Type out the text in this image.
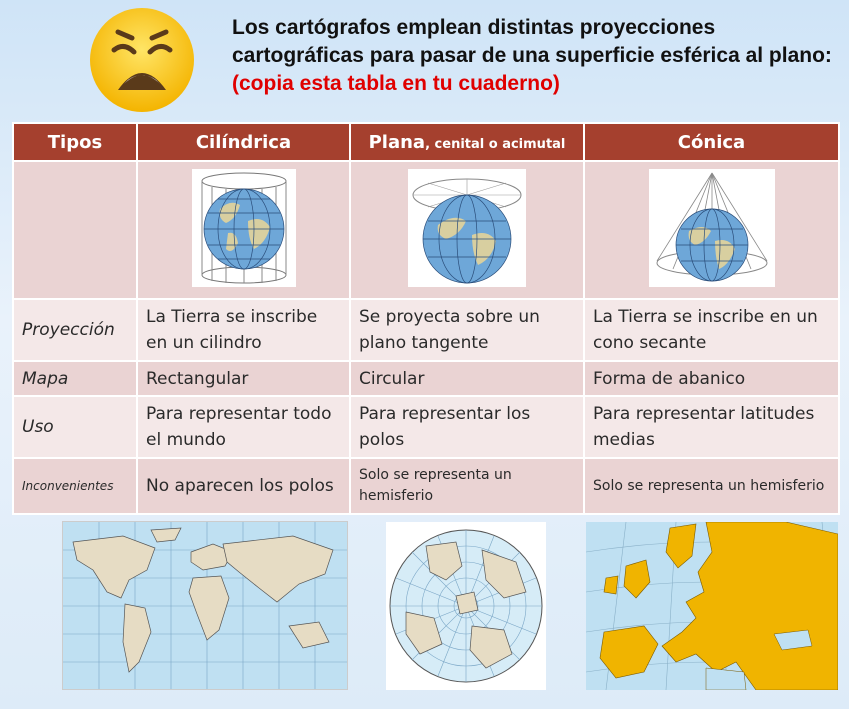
Los cartógrafos emplean distintas proyecciones cartográficas para pasar de una superficie esférica al plano: (copia esta tabla en tu cuaderno)
Tipos	Cilíndrica	Plana, cenital o acimutal	Cónica

Proyección	La Tierra se inscribe en un cilindro	Se proyecta sobre un plano tangente	La Tierra se inscribe en un cono secante
Mapa	Rectangular	Circular	Forma de abanico
Uso	Para representar todo el mundo	Para representar los polos	Para representar latitudes medias
Inconvenientes	No aparecen los polos	Solo se representa un hemisferio	Solo se representa un hemisferio
